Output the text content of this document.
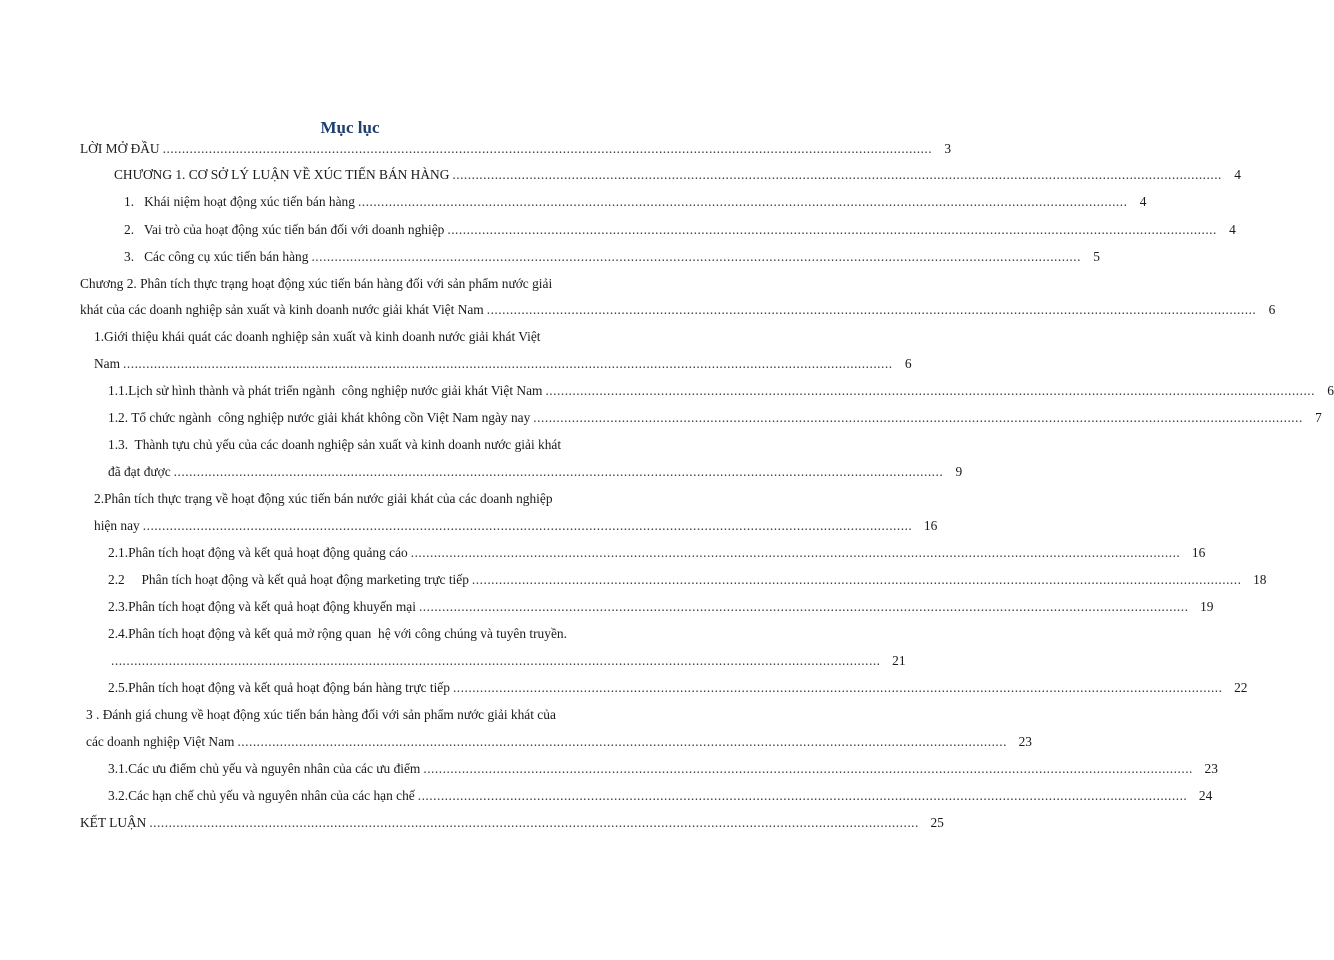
Mục lục
LỜI MỞ ĐẦU ........................................................................................................................................................................................................ 3
CHƯƠNG 1. CƠ SỞ LÝ LUẬN VỀ XÚC TIẾN BÁN HÀNG ........................................................................................................................................................................................................ 4
1.   Khái niệm hoạt động xúc tiến bán hàng ........................................................................................................................................................................................................ 4
2.   Vai trò của hoạt động xúc tiến bán đối với doanh nghiệp ........................................................................................................................................................................................................ 4
3.   Các công cụ xúc tiến bán hàng ........................................................................................................................................................................................................ 5
Chương 2. Phân tích thực trạng hoạt động xúc tiến bán hàng đối với sản phẩm nước giải
khát của các doanh nghiệp sản xuất và kinh doanh nước giải khát Việt Nam ........................................................................................................................................................................................................ 6
1.Giới thiệu khái quát các doanh nghiệp sản xuất và kinh doanh nước giải khát Việt
Nam ........................................................................................................................................................................................................ 6
1.1.Lịch sử hình thành và phát triển ngành  công nghiệp nước giải khát Việt Nam ........................................................................................................................................................................................................ 6
1.2. Tổ chức ngành  công nghiệp nước giải khát không cồn Việt Nam ngày nay ........................................................................................................................................................................................................ 7
1.3.  Thành tựu chủ yếu của các doanh nghiệp sản xuất và kinh doanh nước giải khát
đã đạt được ........................................................................................................................................................................................................ 9
2.Phân tích thực trạng về hoạt động xúc tiến bán nước giải khát của các doanh nghiệp
hiện nay ........................................................................................................................................................................................................ 16
2.1.Phân tích hoạt động và kết quả hoạt động quảng cáo ........................................................................................................................................................................................................ 16
2.2     Phân tích hoạt động và kết quả hoạt động marketing trực tiếp ........................................................................................................................................................................................................ 18
2.3.Phân tích hoạt động và kết quả hoạt động khuyến mại ........................................................................................................................................................................................................ 19
2.4.Phân tích hoạt động và kết quả mở rộng quan  hệ với công chúng và tuyên truyền.
........................................................................................................................................................................................................ 21
2.5.Phân tích hoạt động và kết quả hoạt động bán hàng trực tiếp ........................................................................................................................................................................................................ 22
3 . Đánh giá chung về hoạt động xúc tiến bán hàng đối với sản phẩm nước giải khát của
các doanh nghiệp Việt Nam ........................................................................................................................................................................................................ 23
3.1.Các ưu điểm chủ yếu và nguyên nhân của các ưu điểm ........................................................................................................................................................................................................ 23
3.2.Các hạn chế chủ yếu và nguyên nhân của các hạn chế ........................................................................................................................................................................................................ 24
KẾT LUẬN ........................................................................................................................................................................................................ 25
